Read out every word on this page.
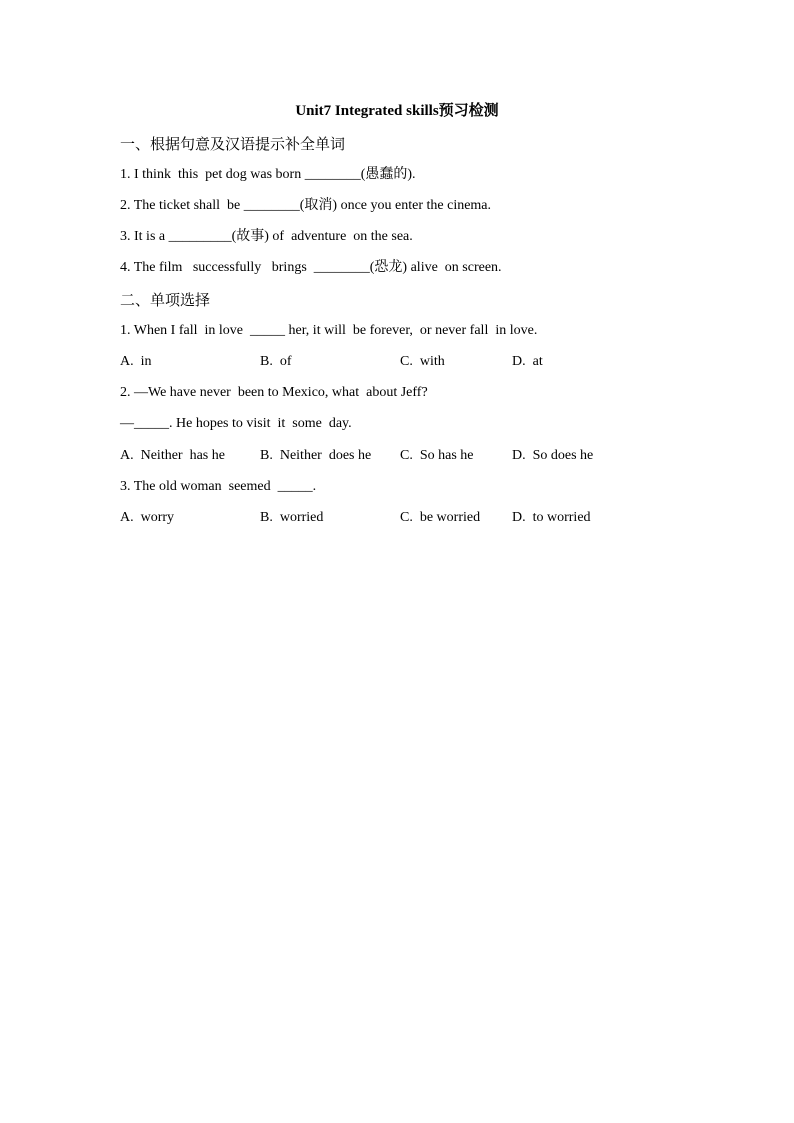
Unit7 Integrated skills预习检测
一、根据句意及汉语提示补全单词
1. I think  this  pet dog was born ________(愚蠢的).
2. The ticket shall  be ________(取消) once you enter the cinema.
3. It is a _________(故事) of  adventure  on the sea.
4. The film   successfully   brings  ________(恐龙) alive  on screen.
二、单项选择
1. When I fall  in love  _____ her, it will  be forever,  or never fall  in love.
A.  in	B.  of	C.  with	D.  at
2. —We have never  been to Mexico, what  about Jeff?
—_____. He hopes to visit  it  some  day.
A.  Neither  has he	B.  Neither  does he C.  So has he	D.  So does he
3. The old woman  seemed  _____.
A.  worry	B.  worried	C.  be worried D.  to worried
